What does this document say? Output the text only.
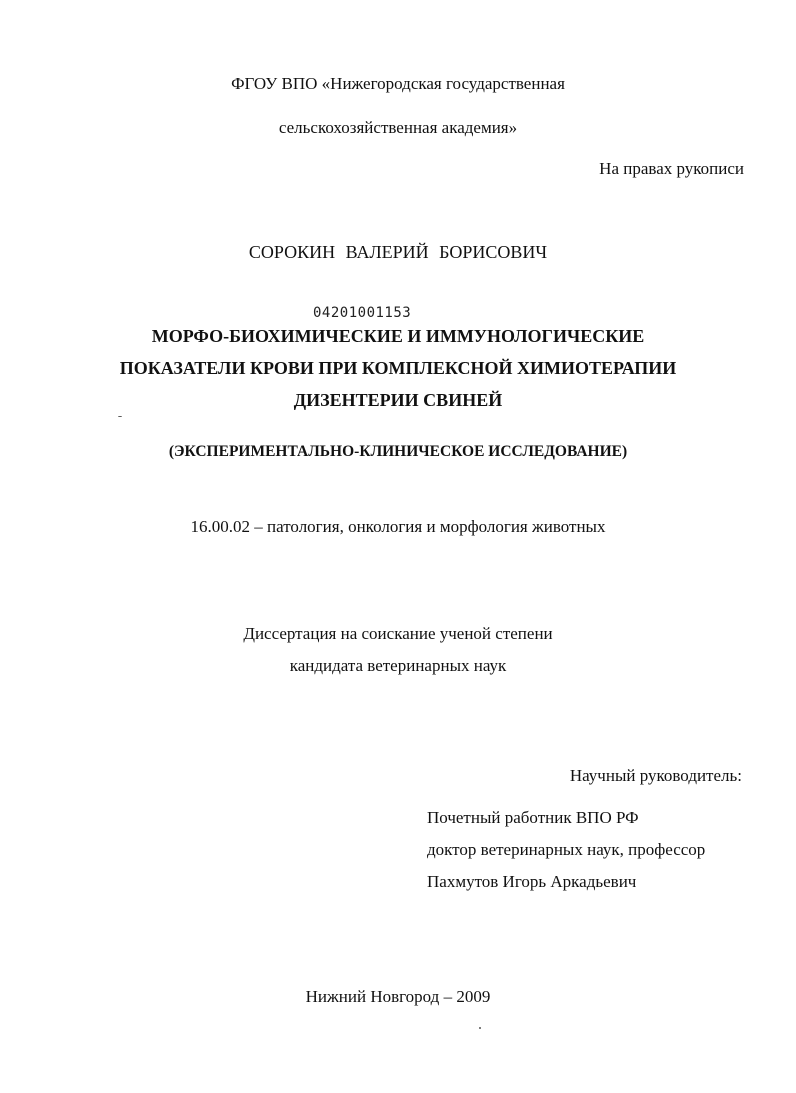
ФГОУ ВПО «Нижегородская государственная
сельскохозяйственная академия»
На правах рукописи
СОРОКИН ВАЛЕРИЙ БОРИСОВИЧ
04201001153
МОРФО-БИОХИМИЧЕСКИЕ И ИММУНОЛОГИЧЕСКИЕ
ПОКАЗАТЕЛИ КРОВИ ПРИ КОМПЛЕКСНОЙ ХИМИОТЕРАПИИ
ДИЗЕНТЕРИИ СВИНЕЙ
(ЭКСПЕРИМЕНТАЛЬНО-КЛИНИЧЕСКОЕ ИССЛЕДОВАНИЕ)
16.00.02 – патология, онкология и морфология животных
Диссертация на соискание ученой степени
кандидата ветеринарных наук
Научный руководитель:
Почетный работник ВПО РФ
доктор ветеринарных наук, профессор
Пахмутов Игорь Аркадьевич
Нижний Новгород – 2009
